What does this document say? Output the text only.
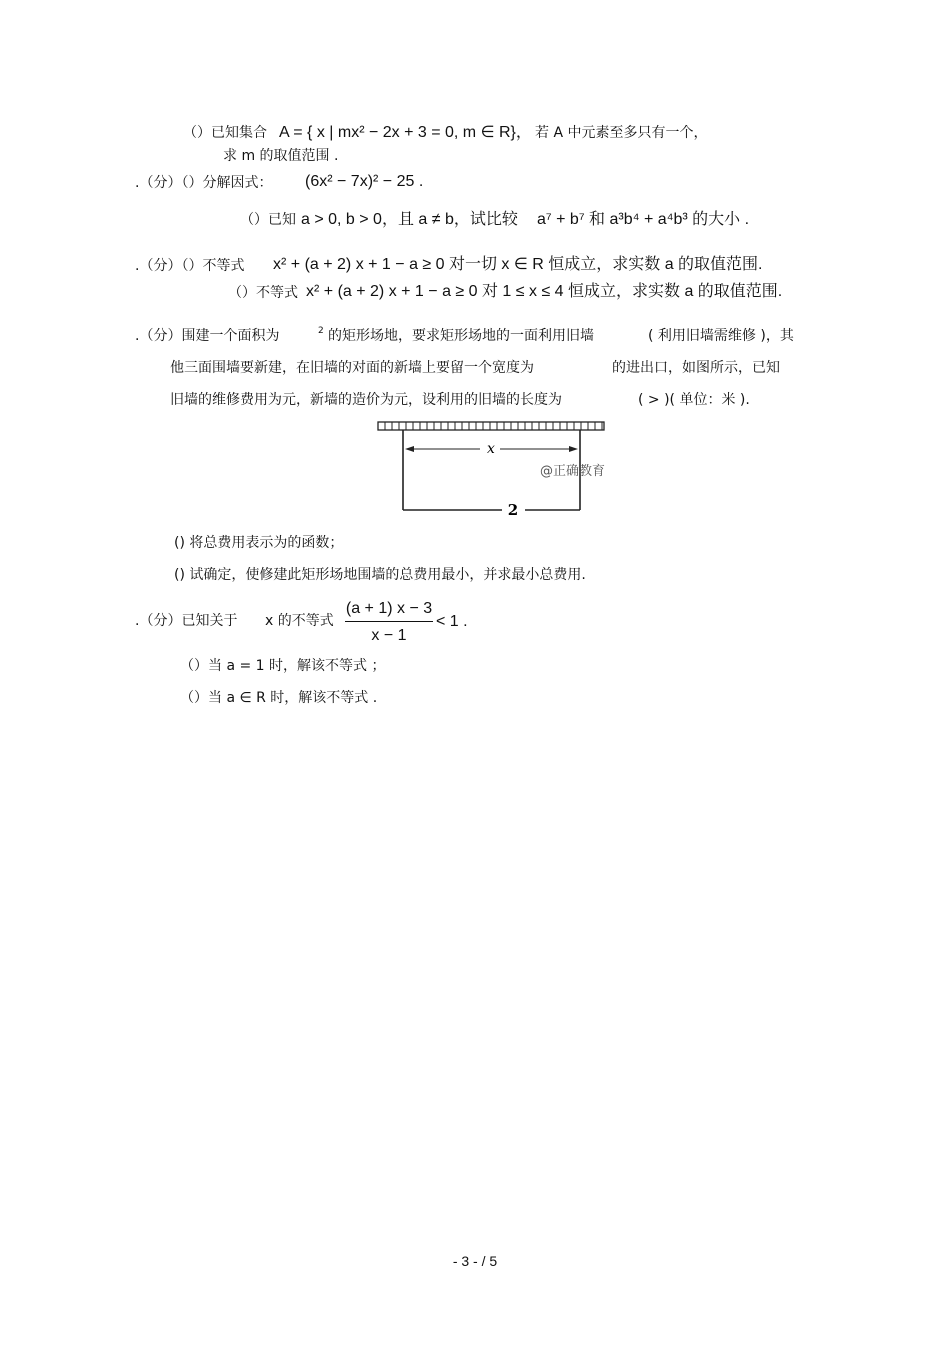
（）已知集合 A = { x | mx² − 2x + 3 = 0, m ∈ R}， 若 A 中元素至多只有一个，
求 m 的取值范围 .
.（分）（）分解因式： (6x² − 7x)² − 25 .
（）已知 a > 0, b > 0，且 a ≠ b，试比较 a⁷ + b⁷ 和 a³b⁴ + a⁴b³ 的大小 .
.（分）（）不等式 x² + (a + 2) x + 1 − a ≥ 0 对一切 x ∈ R 恒成立，求实数 a 的取值范围.
（）不等式 x² + (a + 2) x + 1 − a ≥ 0 对 1 ≤ x ≤ 4 恒成立，求实数 a 的取值范围.
.（分）围建一个面积为	2 的矩形场地，要求矩形场地的一面利用旧墙	( 利用旧墙需维修 )，其
他三面围墙要新建，在旧墙的对面的新墙上要留一个宽度为	的进出口，如图所示，已知
旧墙的维修费用为元，新墙的造价为元，设利用的旧墙的长度为	( > )( 单位：米 ).
x
2
@正确教育
() 将总费用表示为的函数；
() 试确定，使修建此矩形场地围墙的总费用最小，并求最小总费用.
.（分）已知关于 x 的不等式
(a + 1) x − 3
x − 1
< 1 .
（）当 a = 1 时，解该不等式 ；
（）当 a ∈ R 时，解该不等式 .
- 3 - / 5
